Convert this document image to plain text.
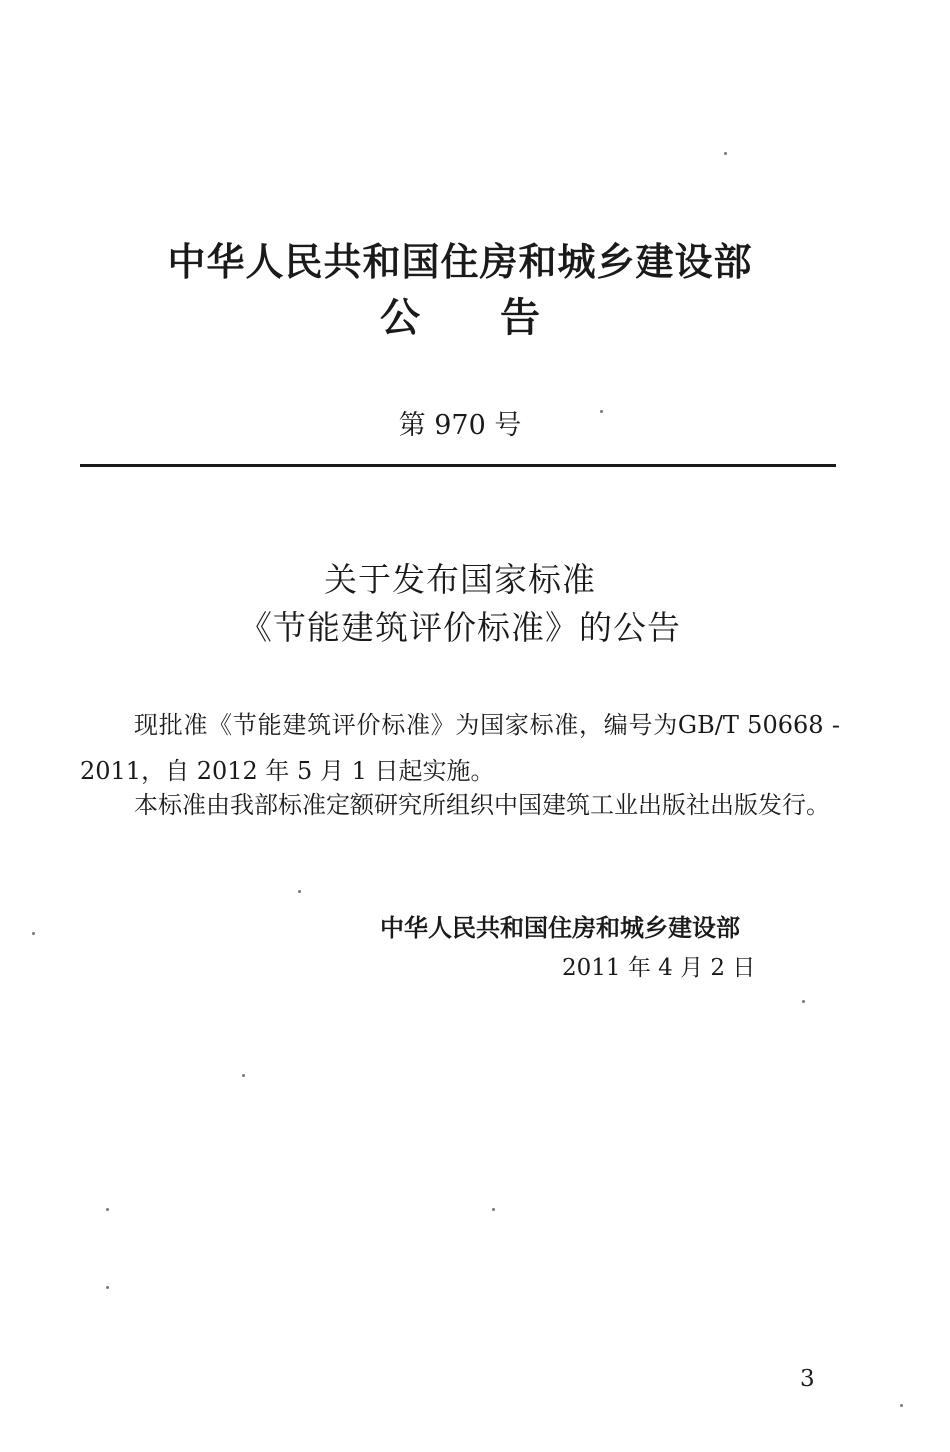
中华人民共和国住房和城乡建设部
公告
第 970 号
关于发布国家标准
《节能建筑评价标准》的公告
现批准《节能建筑评价标准》为国家标准，编号为GB/T 50668 - 2011，自 2012 年 5 月 1 日起实施。
本标准由我部标准定额研究所组织中国建筑工业出版社出版发行。
中华人民共和国住房和城乡建设部
2011 年 4 月 2 日
3
